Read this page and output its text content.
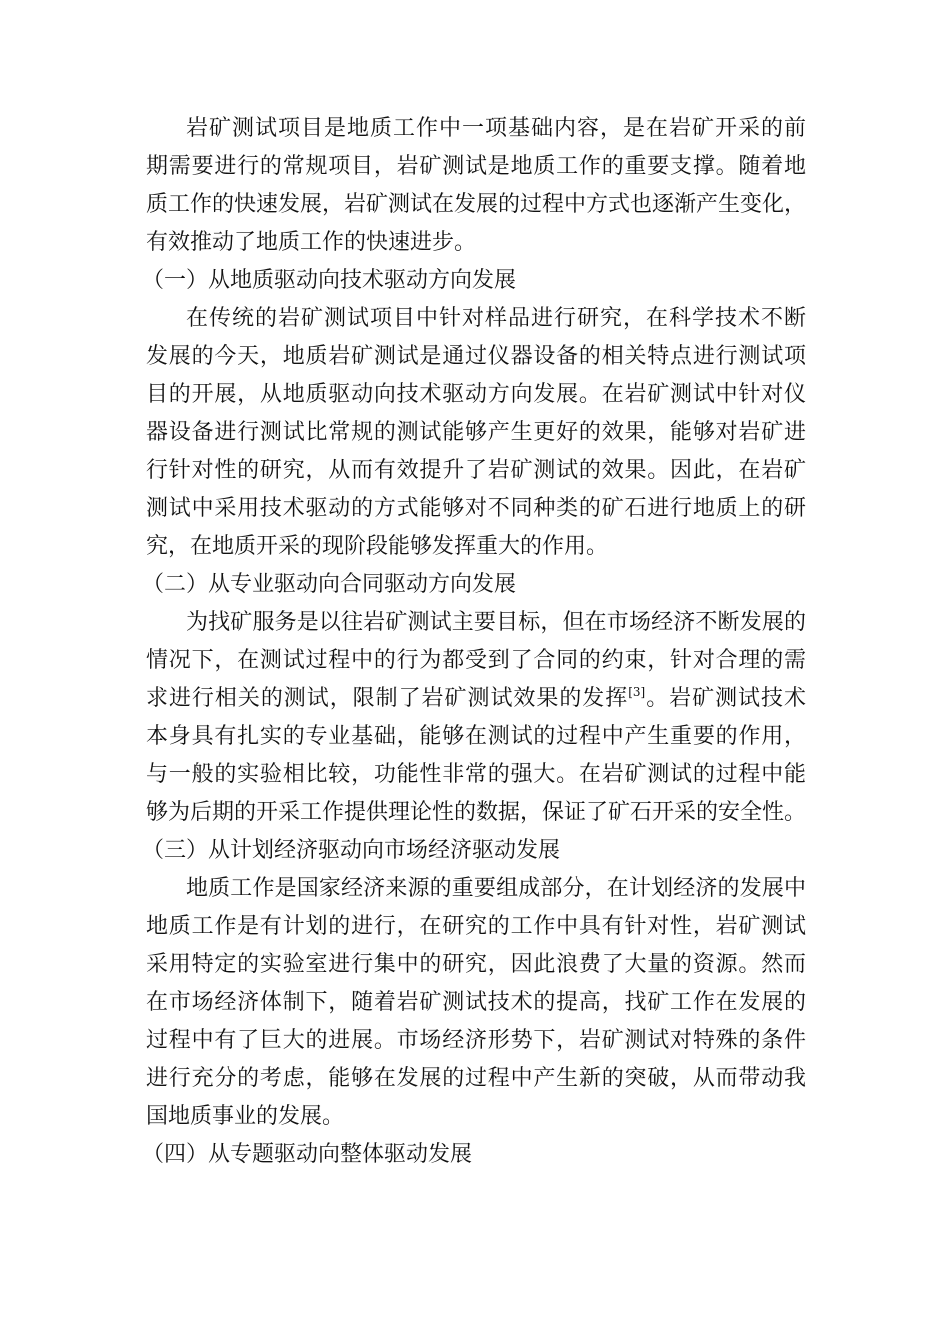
岩矿测试项目是地质工作中一项基础内容，是在岩矿开采的前
期需要进行的常规项目，岩矿测试是地质工作的重要支撑。随着地
质工作的快速发展，岩矿测试在发展的过程中方式也逐渐产生变化，
有效推动了地质工作的快速进步。
（一）从地质驱动向技术驱动方向发展
在传统的岩矿测试项目中针对样品进行研究，在科学技术不断
发展的今天，地质岩矿测试是通过仪器设备的相关特点进行测试项
目的开展，从地质驱动向技术驱动方向发展。在岩矿测试中针对仪
器设备进行测试比常规的测试能够产生更好的效果，能够对岩矿进
行针对性的研究，从而有效提升了岩矿测试的效果。因此，在岩矿
测试中采用技术驱动的方式能够对不同种类的矿石进行地质上的研
究，在地质开采的现阶段能够发挥重大的作用。
（二）从专业驱动向合同驱动方向发展
为找矿服务是以往岩矿测试主要目标，但在市场经济不断发展的
情况下，在测试过程中的行为都受到了合同的约束，针对合理的需
求进行相关的测试，限制了岩矿测试效果的发挥[3]。岩矿测试技术
本身具有扎实的专业基础，能够在测试的过程中产生重要的作用，
与一般的实验相比较，功能性非常的强大。在岩矿测试的过程中能
够为后期的开采工作提供理论性的数据，保证了矿石开采的安全性。
（三）从计划经济驱动向市场经济驱动发展
地质工作是国家经济来源的重要组成部分，在计划经济的发展中
地质工作是有计划的进行，在研究的工作中具有针对性，岩矿测试
采用特定的实验室进行集中的研究，因此浪费了大量的资源。然而
在市场经济体制下，随着岩矿测试技术的提高，找矿工作在发展的
过程中有了巨大的进展。市场经济形势下，岩矿测试对特殊的条件
进行充分的考虑，能够在发展的过程中产生新的突破，从而带动我
国地质事业的发展。
（四）从专题驱动向整体驱动发展
